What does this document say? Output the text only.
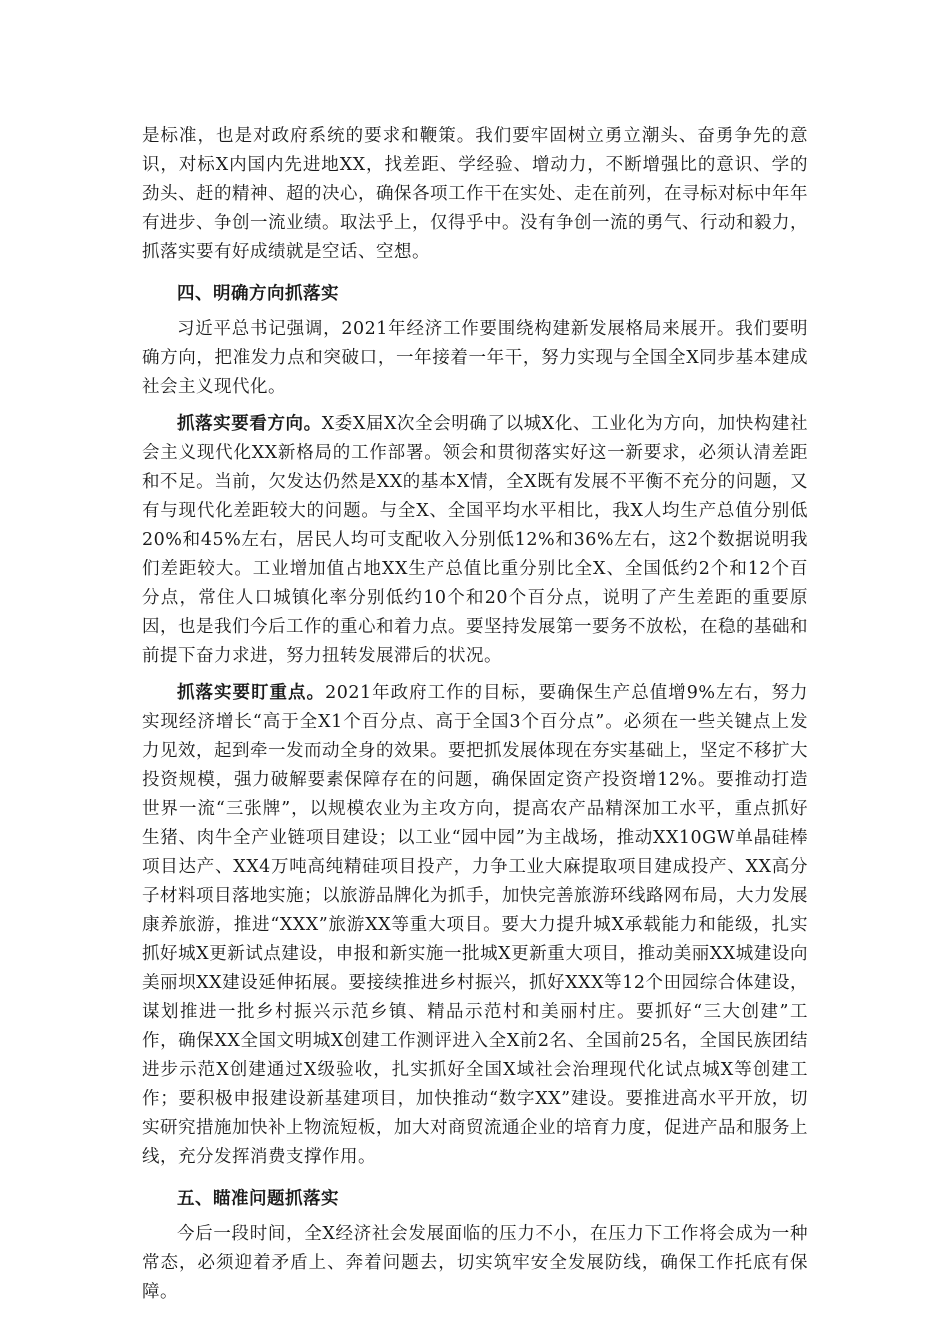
是标准，也是对政府系统的要求和鞭策。我们要牢固树立勇立潮头、奋勇争先的意识，对标X内国内先进地XX，找差距、学经验、增动力，不断增强比的意识、学的劲头、赶的精神、超的决心，确保各项工作干在实处、走在前列，在寻标对标中年年有进步、争创一流业绩。取法乎上，仅得乎中。没有争创一流的勇气、行动和毅力，抓落实要有好成绩就是空话、空想。

四、明确方向抓落实

习近平总书记强调，2021年经济工作要围绕构建新发展格局来展开。我们要明确方向，把准发力点和突破口，一年接着一年干，努力实现与全国全X同步基本建成社会主义现代化。

抓落实要看方向。X委X届X次全会明确了以城X化、工业化为方向，加快构建社会主义现代化XX新格局的工作部署。领会和贯彻落实好这一新要求，必须认清差距和不足。当前，欠发达仍然是XX的基本X情，全X既有发展不平衡不充分的问题，又有与现代化差距较大的问题。与全X、全国平均水平相比，我X人均生产总值分别低20%和45%左右，居民人均可支配收入分别低12%和36%左右，这2个数据说明我们差距较大。工业增加值占地XX生产总值比重分别比全X、全国低约2个和12个百分点，常住人口城镇化率分别低约10个和20个百分点，说明了产生差距的重要原因，也是我们今后工作的重心和着力点。要坚持发展第一要务不放松，在稳的基础和前提下奋力求进，努力扭转发展滞后的状况。

抓落实要盯重点。2021年政府工作的目标，要确保生产总值增9%左右，努力实现经济增长“高于全X1个百分点、高于全国3个百分点”。必须在一些关键点上发力见效，起到牵一发而动全身的效果。要把抓发展体现在夯实基础上，坚定不移扩大投资规模，强力破解要素保障存在的问题，确保固定资产投资增12%。要推动打造世界一流“三张牌”，以规模农业为主攻方向，提高农产品精深加工水平，重点抓好生猪、肉牛全产业链项目建设；以工业“园中园”为主战场，推动XX10GW单晶硅棒项目达产、XX4万吨高纯精硅项目投产，力争工业大麻提取项目建成投产、XX高分子材料项目落地实施；以旅游品牌化为抓手，加快完善旅游环线路网布局，大力发展康养旅游，推进“XXX”旅游XX等重大项目。要大力提升城X承载能力和能级，扎实抓好城X更新试点建设，申报和新实施一批城X更新重大项目，推动美丽XX城建设向美丽坝XX建设延伸拓展。要接续推进乡村振兴，抓好XXX等12个田园综合体建设，谋划推进一批乡村振兴示范乡镇、精品示范村和美丽村庄。要抓好“三大创建”工作，确保XX全国文明城X创建工作测评进入全X前2名、全国前25名，全国民族团结进步示范X创建通过X级验收，扎实抓好全国X域社会治理现代化试点城X等创建工作；要积极申报建设新基建项目，加快推动“数字XX”建设。要推进高水平开放，切实研究措施加快补上物流短板，加大对商贸流通企业的培育力度，促进产品和服务上线，充分发挥消费支撑作用。

五、瞄准问题抓落实

今后一段时间，全X经济社会发展面临的压力不小，在压力下工作将会成为一种常态，必须迎着矛盾上、奔着问题去，切实筑牢安全发展防线，确保工作托底有保障。
